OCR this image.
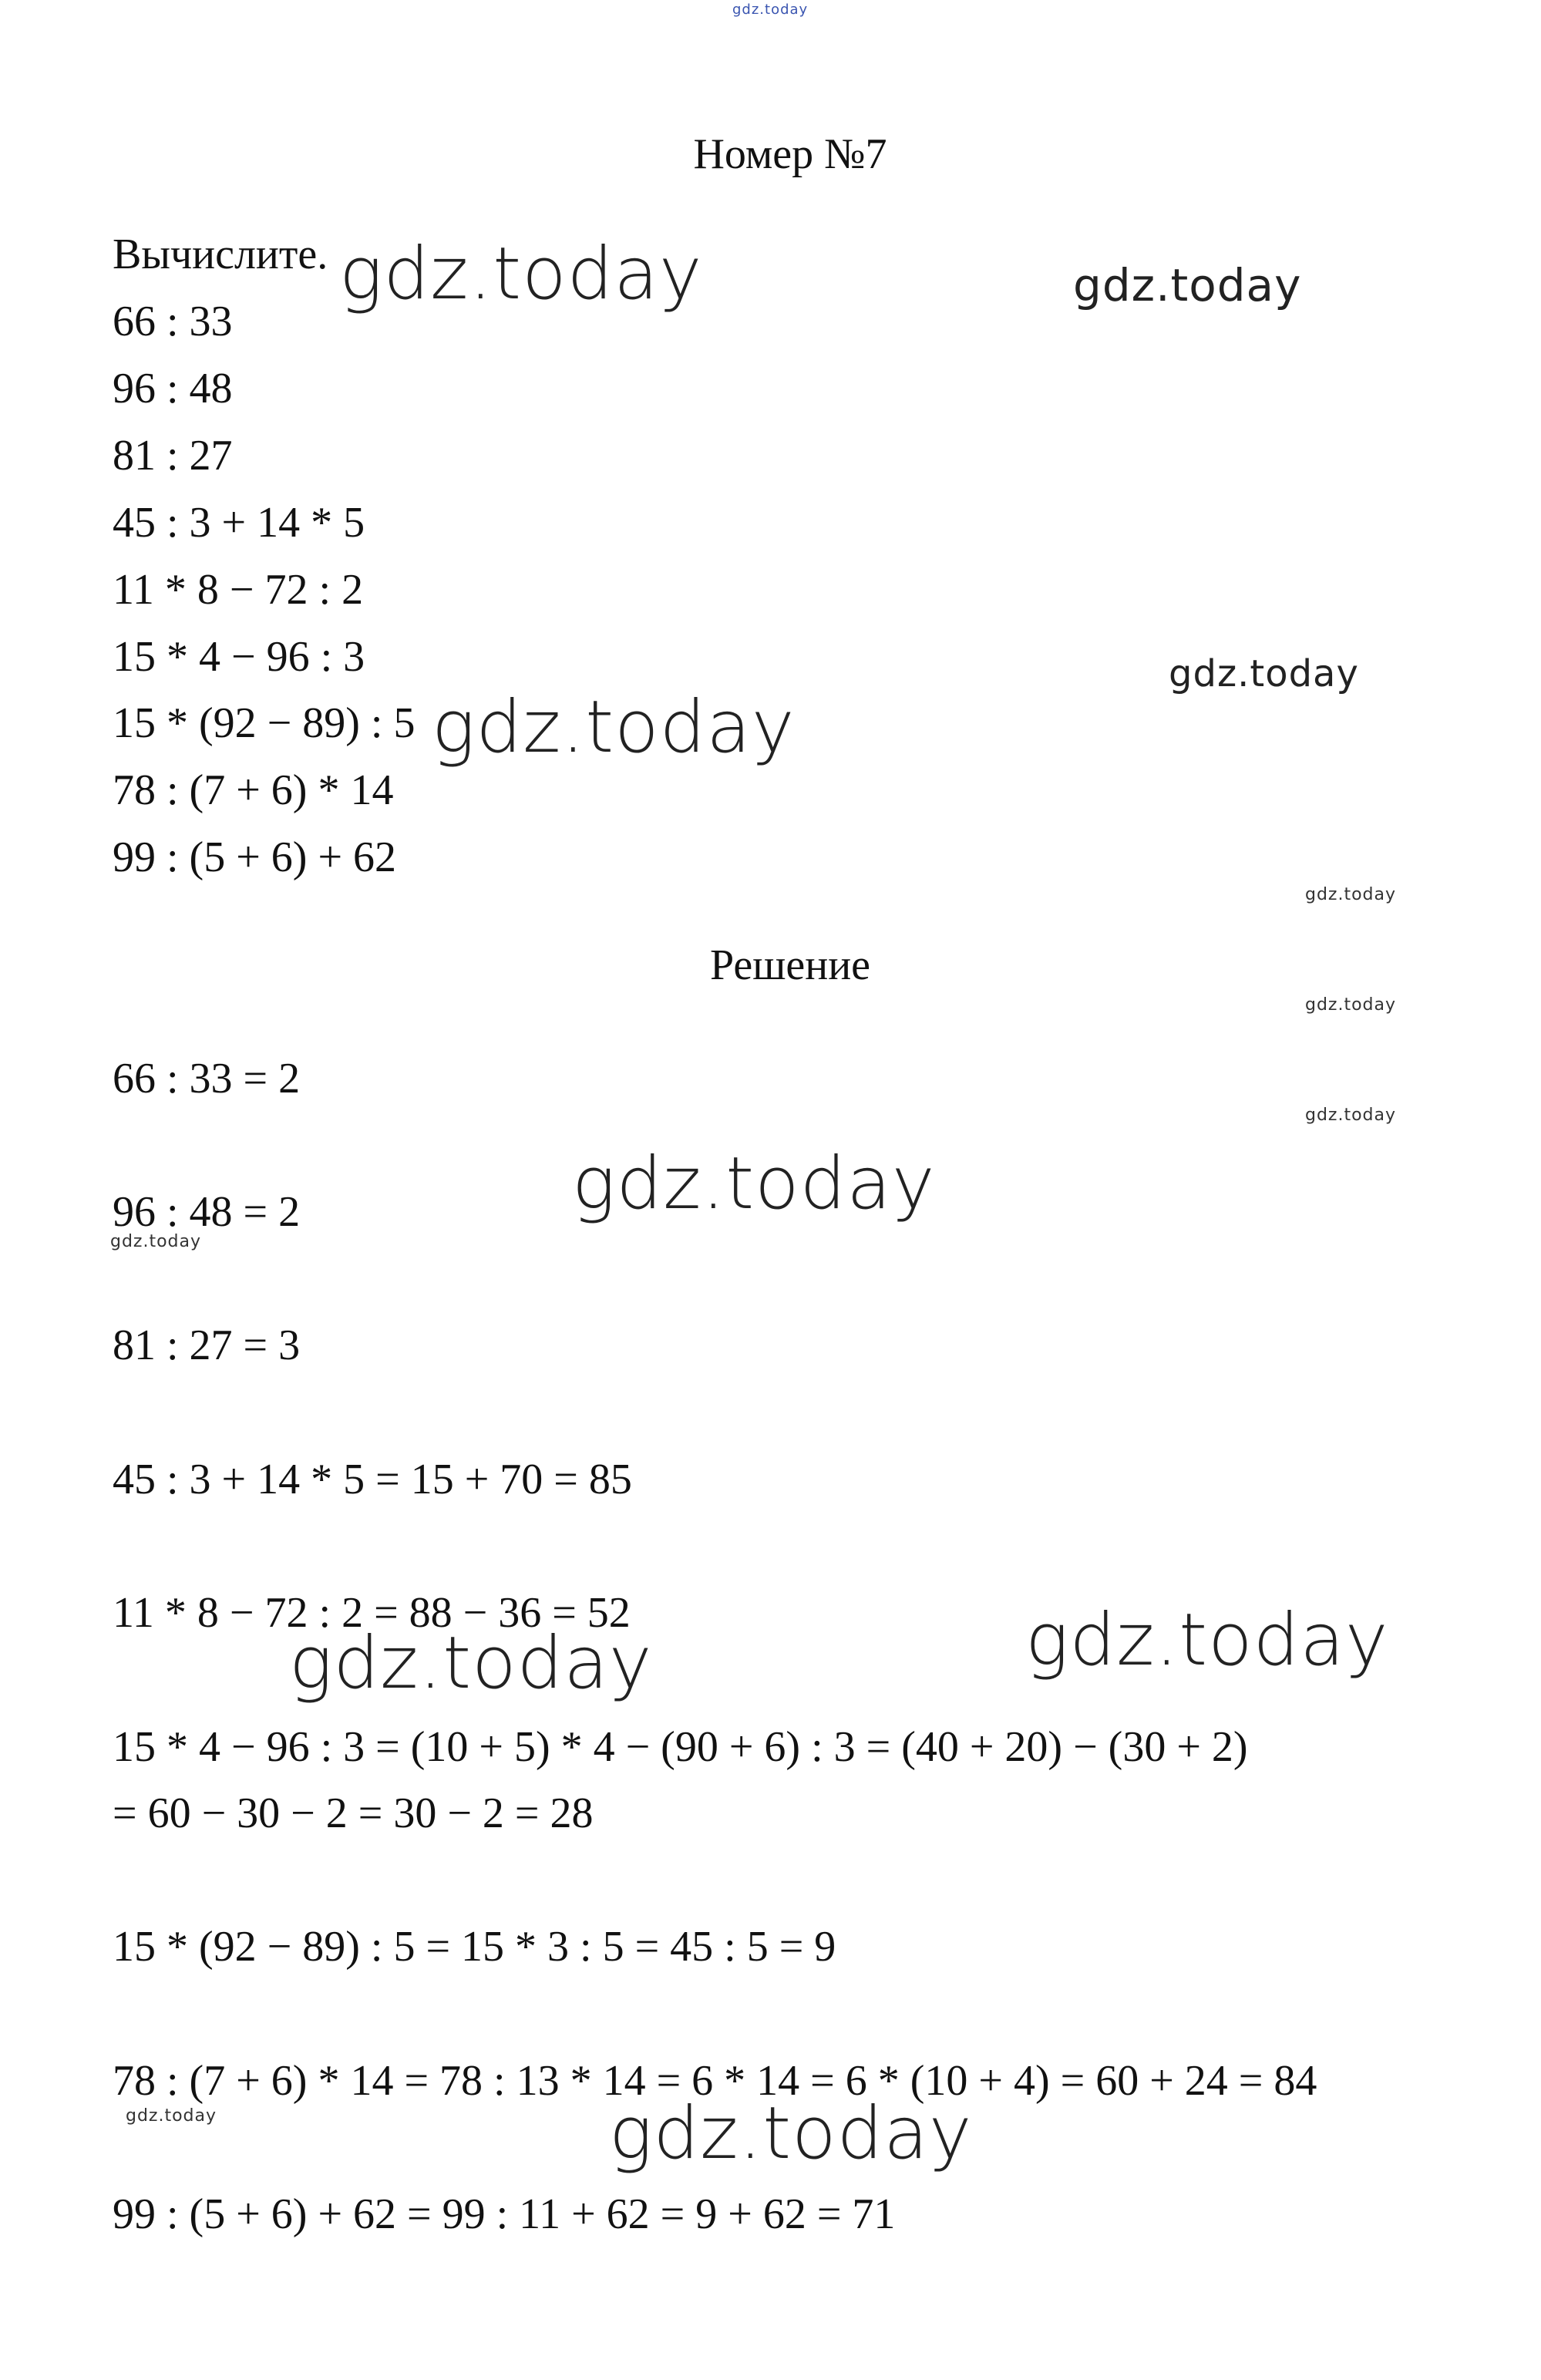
gdz.today
Номер №7
Вычислите.
66 : 33
96 : 48
81 : 27
45 : 3 + 14 * 5
11 * 8 − 72 : 2
15 * 4 − 96 : 3
15 * (92 − 89) : 5
78 : (7 + 6) * 14
99 : (5 + 6) + 62
Решение
66 : 33 = 2
96 : 48 = 2
81 : 27 = 3
45 : 3 + 14 * 5 = 15 + 70 = 85
11 * 8 − 72 : 2 = 88 − 36 = 52
15 * 4 − 96 : 3 = (10 + 5) * 4 − (90 + 6) : 3 = (40 + 20) − (30 + 2)
= 60 − 30 − 2 = 30 − 2 = 28
15 * (92 − 89) : 5 = 15 * 3 : 5 = 45 : 5 = 9
78 : (7 + 6) * 14 = 78 : 13 * 14 = 6 * 14 = 6 * (10 + 4) = 60 + 24 = 84
99 : (5 + 6) + 62 = 99 : 11 + 62 = 9 + 62 = 71
gdz.today	gdz.today
gdz.today
gdz.today
gdz.today
gdz.today
gdz.today
gdz.today
gdz.today
gdz.today
gdz.today
gdz.today	gdz.today
